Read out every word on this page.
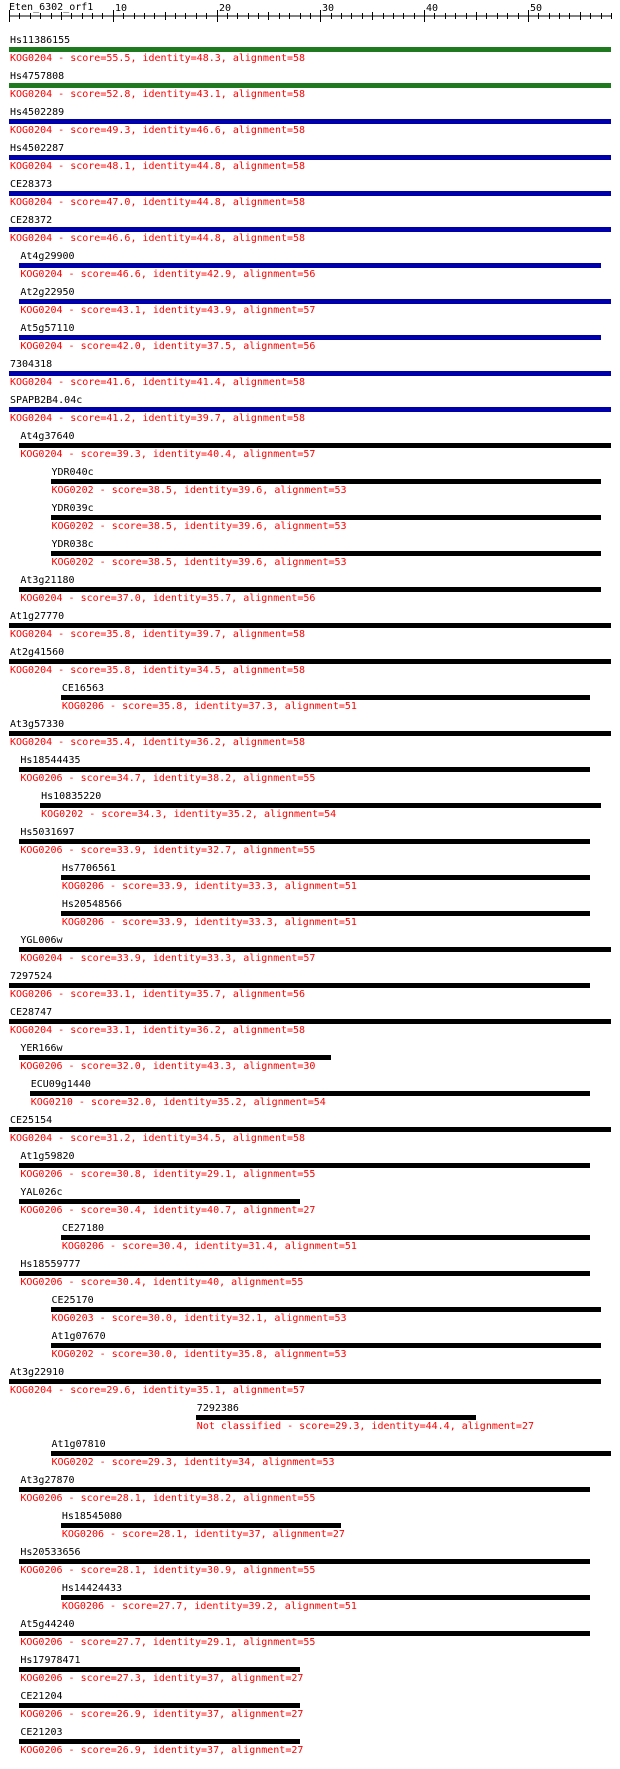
Eten_6302_orf1 10	20	30	40	50
Hs11386155
KOG0204 - score=55.5, identity=48.3, alignment=58
Hs4757808
KOG0204 - score=52.8, identity=43.1, alignment=58
Hs4502289
KOG0204 - score=49.3, identity=46.6, alignment=58
Hs4502287
KOG0204 - score=48.1, identity=44.8, alignment=58
CE28373
KOG0204 - score=47.0, identity=44.8, alignment=58
CE28372
KOG0204 - score=46.6, identity=44.8, alignment=58
At4g29900
KOG0204 - score=46.6, identity=42.9, alignment=56
At2g22950
KOG0204 - score=43.1, identity=43.9, alignment=57
At5g57110
KOG0204 - score=42.0, identity=37.5, alignment=56
7304318
KOG0204 - score=41.6, identity=41.4, alignment=58
SPAPB2B4.04c
KOG0204 - score=41.2, identity=39.7, alignment=58
At4g37640
KOG0204 - score=39.3, identity=40.4, alignment=57
YDR040c
KOG0202 - score=38.5, identity=39.6, alignment=53
YDR039c
KOG0202 - score=38.5, identity=39.6, alignment=53
YDR038c
KOG0202 - score=38.5, identity=39.6, alignment=53
At3g21180
KOG0204 - score=37.0, identity=35.7, alignment=56
At1g27770
KOG0204 - score=35.8, identity=39.7, alignment=58
At2g41560
KOG0204 - score=35.8, identity=34.5, alignment=58
CE16563
KOG0206 - score=35.8, identity=37.3, alignment=51
At3g57330
KOG0204 - score=35.4, identity=36.2, alignment=58
Hs18544435
KOG0206 - score=34.7, identity=38.2, alignment=55
Hs10835220
KOG0202 - score=34.3, identity=35.2, alignment=54
Hs5031697
KOG0206 - score=33.9, identity=32.7, alignment=55
Hs7706561
KOG0206 - score=33.9, identity=33.3, alignment=51
Hs20548566
KOG0206 - score=33.9, identity=33.3, alignment=51
YGL006w
KOG0204 - score=33.9, identity=33.3, alignment=57
7297524
KOG0206 - score=33.1, identity=35.7, alignment=56
CE28747
KOG0204 - score=33.1, identity=36.2, alignment=58
YER166w
KOG0206 - score=32.0, identity=43.3, alignment=30
ECU09g1440
KOG0210 - score=32.0, identity=35.2, alignment=54
CE25154
KOG0204 - score=31.2, identity=34.5, alignment=58
At1g59820
KOG0206 - score=30.8, identity=29.1, alignment=55
YAL026c
KOG0206 - score=30.4, identity=40.7, alignment=27
CE27180
KOG0206 - score=30.4, identity=31.4, alignment=51
Hs18559777
KOG0206 - score=30.4, identity=40, alignment=55
CE25170
KOG0203 - score=30.0, identity=32.1, alignment=53
At1g07670
KOG0202 - score=30.0, identity=35.8, alignment=53
At3g22910
KOG0204 - score=29.6, identity=35.1, alignment=57
7292386
Not classified - score=29.3, identity=44.4, alignment=27
At1g07810
KOG0202 - score=29.3, identity=34, alignment=53
At3g27870
KOG0206 - score=28.1, identity=38.2, alignment=55
Hs18545080
KOG0206 - score=28.1, identity=37, alignment=27
Hs20533656
KOG0206 - score=28.1, identity=30.9, alignment=55
Hs14424433
KOG0206 - score=27.7, identity=39.2, alignment=51
At5g44240
KOG0206 - score=27.7, identity=29.1, alignment=55
Hs17978471
KOG0206 - score=27.3, identity=37, alignment=27
CE21204
KOG0206 - score=26.9, identity=37, alignment=27
CE21203
KOG0206 - score=26.9, identity=37, alignment=27
